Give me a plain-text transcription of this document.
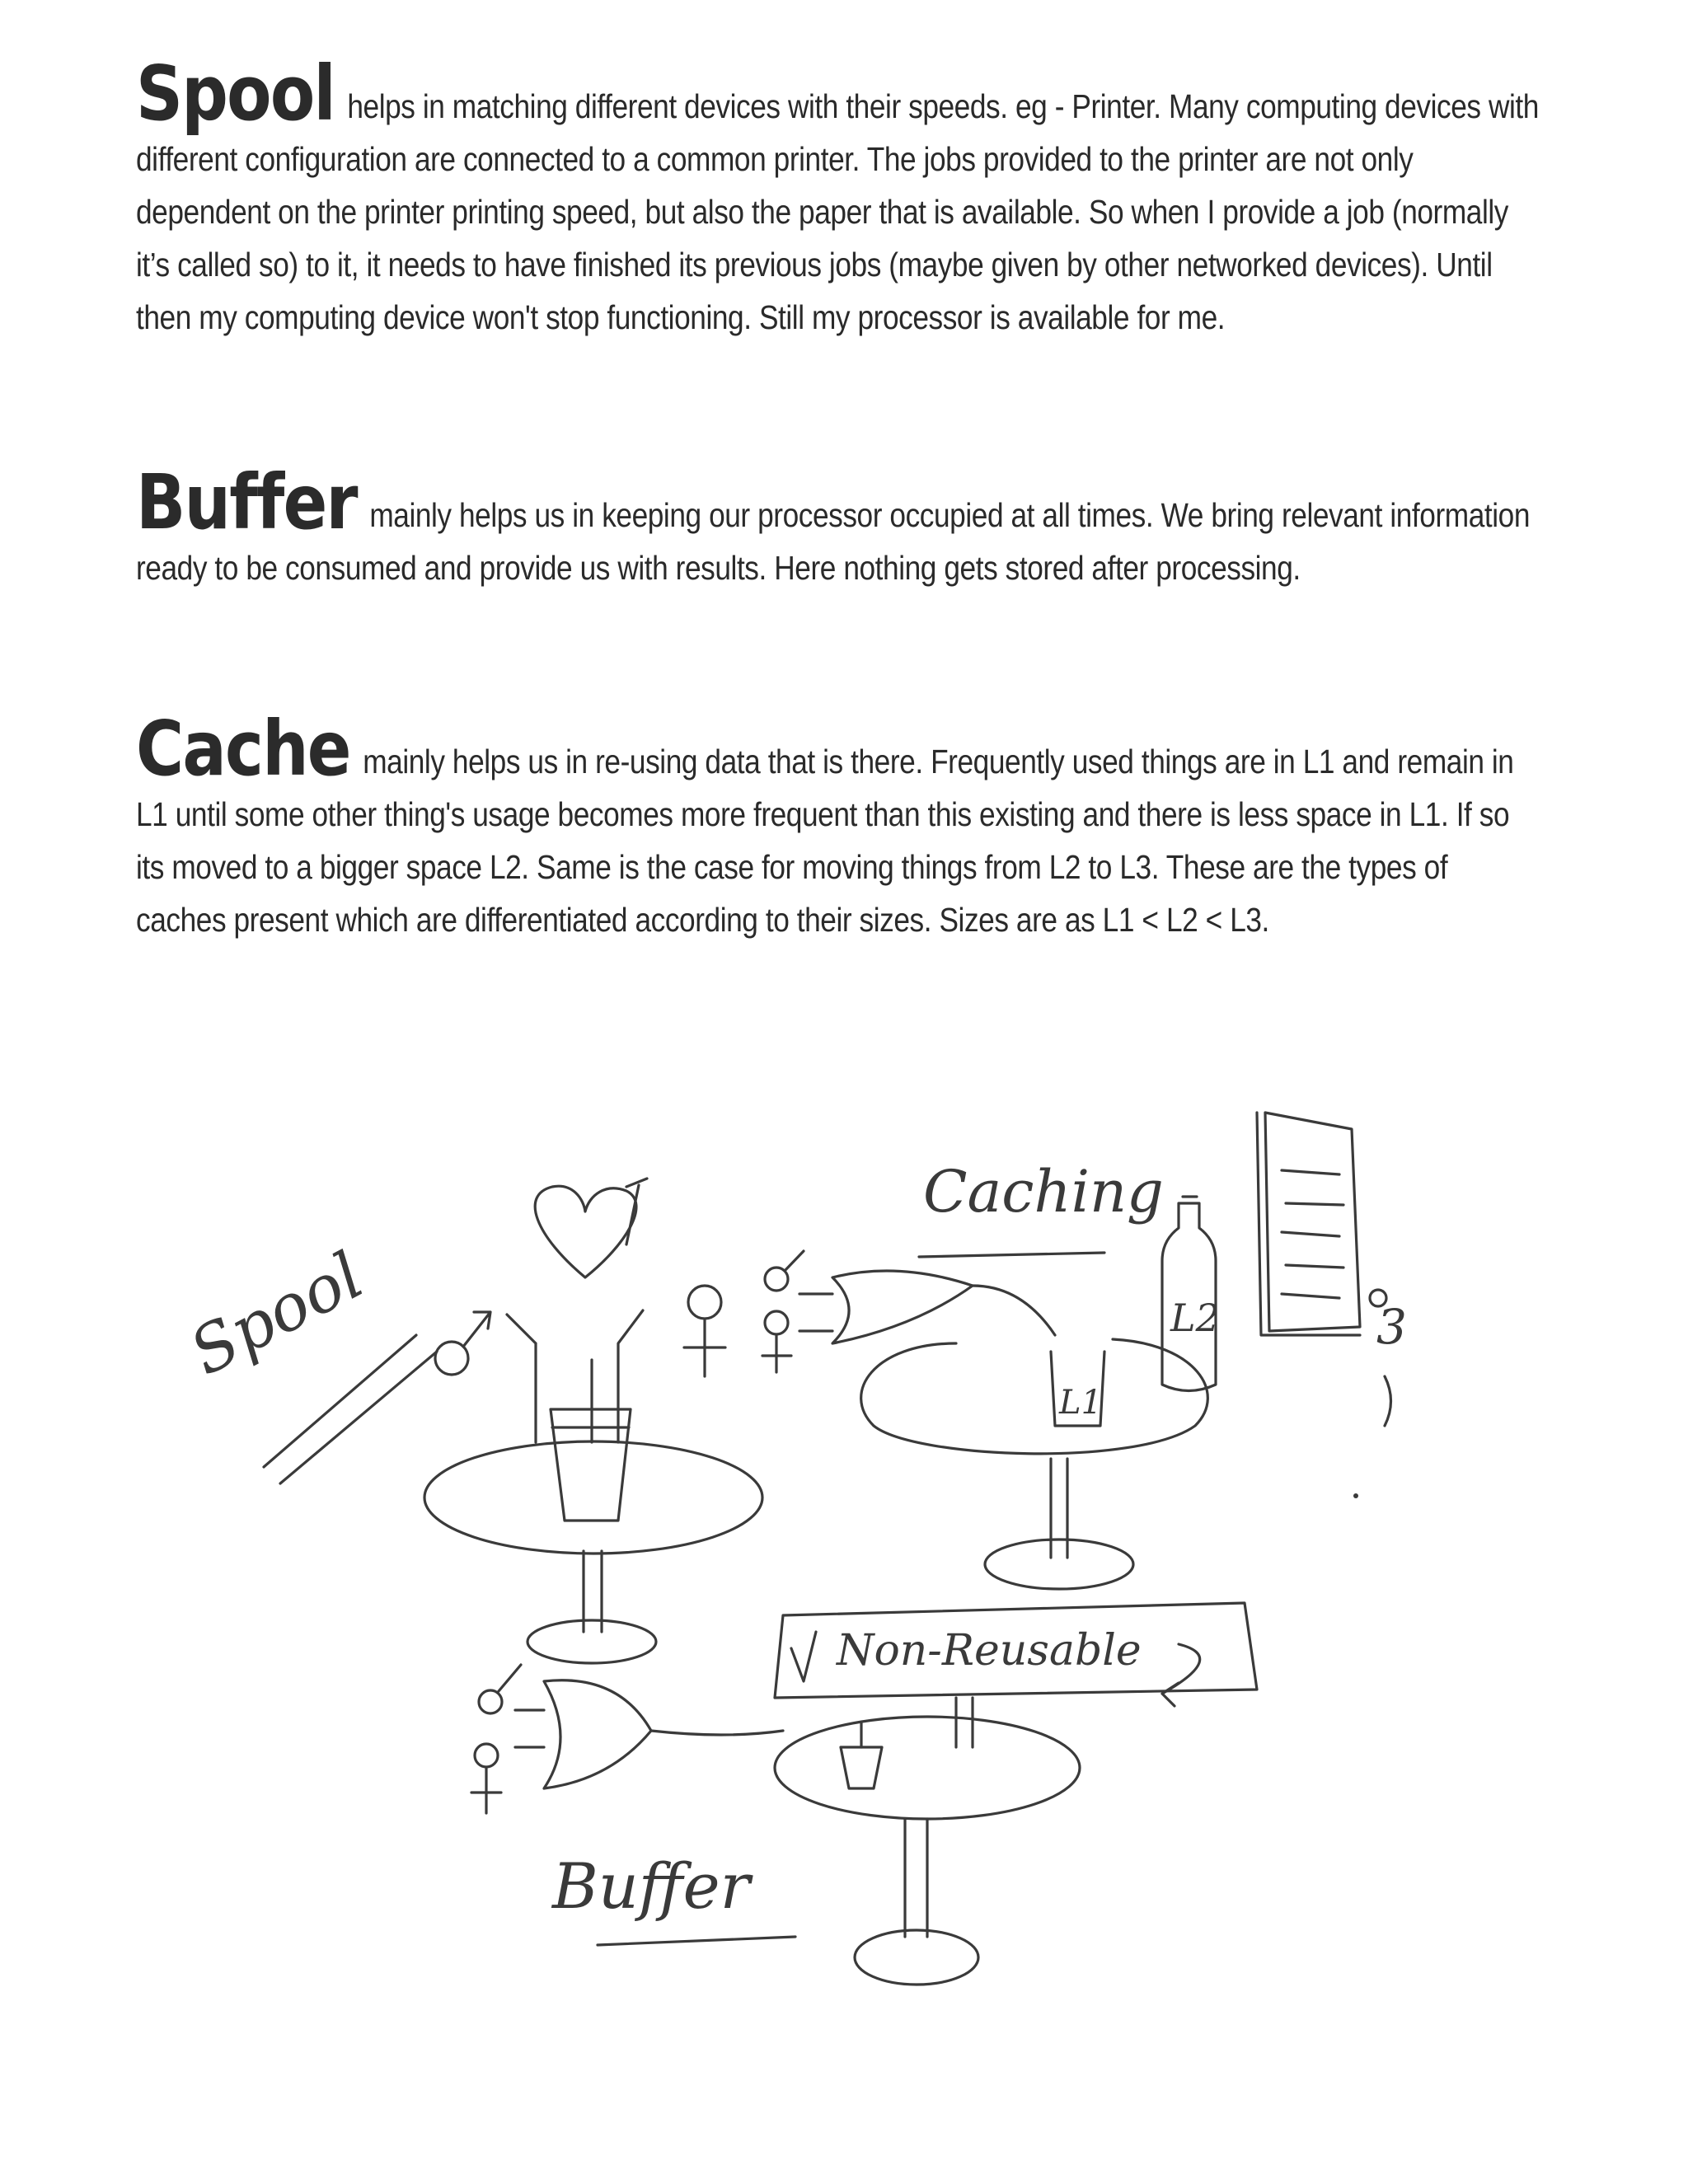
Spool helps in matching different devices with their speeds. eg - Printer. Many computing devices with different configuration are connected to a common printer. The jobs provided to the printer are not only dependent on the printer printing speed, but also the paper that is available. So when I provide a job (normally it’s called so) to it, it needs to have finished its previous jobs (maybe given by other networked devices). Until then my computing device won't stop functioning. Still my processor is available for me.
Buffer mainly helps us in keeping our processor occupied at all times. We bring relevant information ready to be consumed and provide us with results. Here nothing gets stored after processing.
Cache mainly helps us in re-using data that is there. Frequently used things are in L1 and remain in L1 until some other thing's usage becomes more frequent than this existing and there is less space in L1. If so its moved to a bigger space L2. Same is the case for moving things from L2 to L3. These are the types of caches present which are differentiated according to their sizes. Sizes are as L1 < L2 < L3.
Spool
Caching
L1
L2	3
Non-Reusable
Buffer
